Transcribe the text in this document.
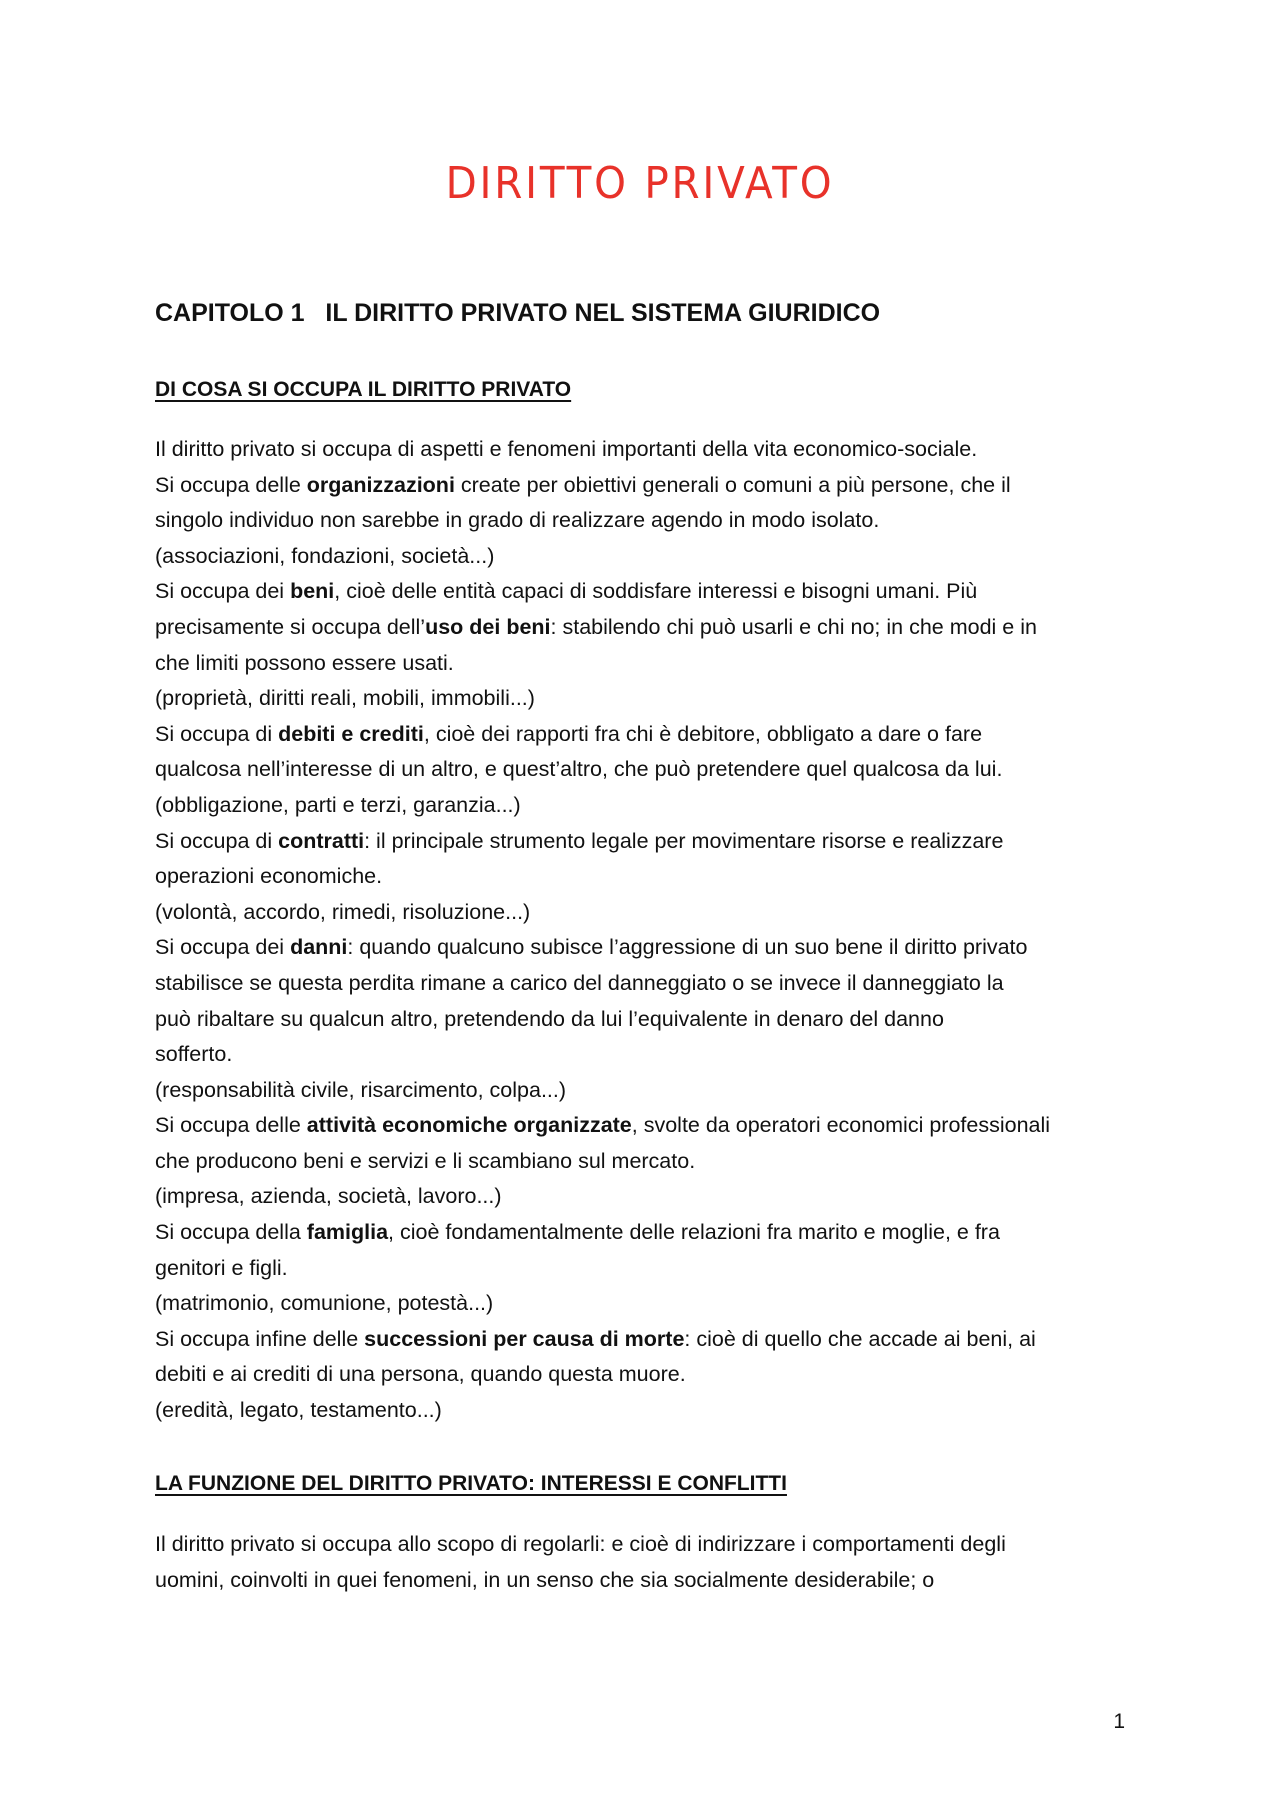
DIRITTO PRIVATO
CAPITOLO 1   IL DIRITTO PRIVATO NEL SISTEMA GIURIDICO
DI COSA SI OCCUPA IL DIRITTO PRIVATO
Il diritto privato si occupa di aspetti e fenomeni importanti della vita economico-sociale.
Si occupa delle organizzazioni create per obiettivi generali o comuni a più persone, che il
singolo individuo non sarebbe in grado di realizzare agendo in modo isolato.
(associazioni, fondazioni, società...)
Si occupa dei beni, cioè delle entità capaci di soddisfare interessi e bisogni umani. Più
precisamente si occupa dell’uso dei beni: stabilendo chi può usarli e chi no; in che modi e in
che limiti possono essere usati.
(proprietà, diritti reali, mobili, immobili...)
Si occupa di debiti e crediti, cioè dei rapporti fra chi è debitore, obbligato a dare o fare
qualcosa nell’interesse di un altro, e quest’altro, che può pretendere quel qualcosa da lui.
(obbligazione, parti e terzi, garanzia...)
Si occupa di contratti: il principale strumento legale per movimentare risorse e realizzare
operazioni economiche.
(volontà, accordo, rimedi, risoluzione...)
Si occupa dei danni: quando qualcuno subisce l’aggressione di un suo bene il diritto privato
stabilisce se questa perdita rimane a carico del danneggiato o se invece il danneggiato la
può ribaltare su qualcun altro, pretendendo da lui l’equivalente in denaro del danno
sofferto.
(responsabilità civile, risarcimento, colpa...)
Si occupa delle attività economiche organizzate, svolte da operatori economici professionali
che producono beni e servizi e li scambiano sul mercato.
(impresa, azienda, società, lavoro...)
Si occupa della famiglia, cioè fondamentalmente delle relazioni fra marito e moglie, e fra
genitori e figli.
(matrimonio, comunione, potestà...)
Si occupa infine delle successioni per causa di morte: cioè di quello che accade ai beni, ai
debiti e ai crediti di una persona, quando questa muore.
(eredità, legato, testamento...)
LA FUNZIONE DEL DIRITTO PRIVATO: INTERESSI E CONFLITTI
Il diritto privato si occupa allo scopo di regolarli: e cioè di indirizzare i comportamenti degli
uomini, coinvolti in quei fenomeni, in un senso che sia socialmente desiderabile; o
1
